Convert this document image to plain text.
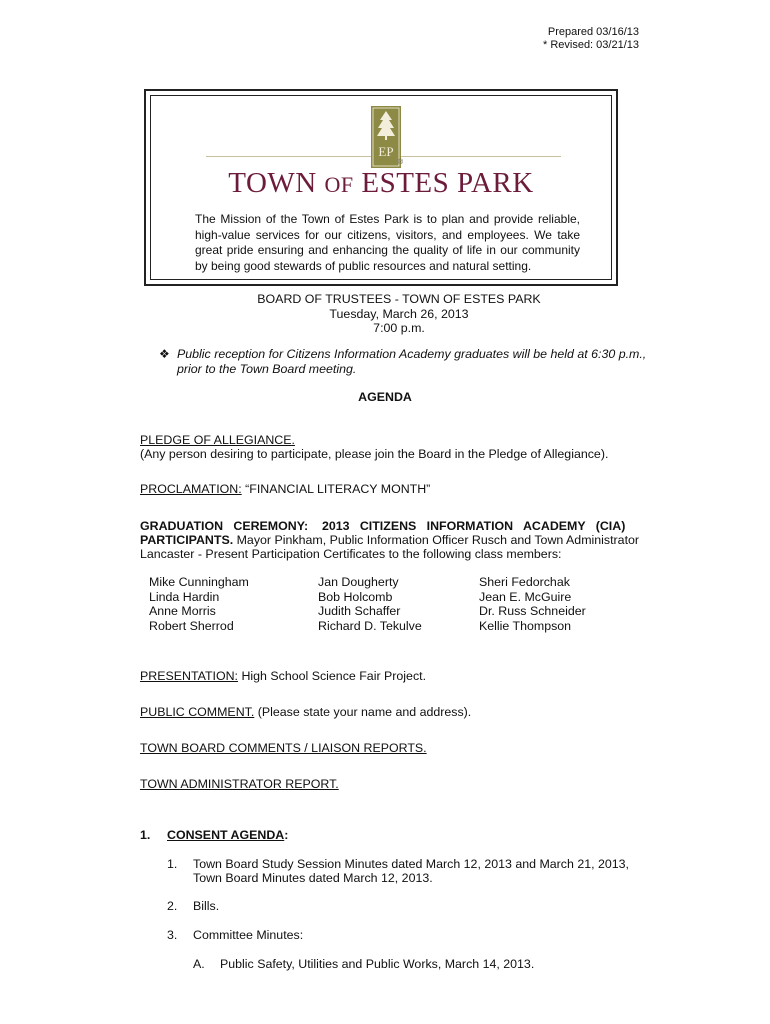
Prepared 03/16/13
* Revised: 03/21/13
EP
®
TOWN OF ESTES PARK
The Mission of the Town of Estes Park is to plan and provide reliable, high-value services for our citizens, visitors, and employees. We take great pride ensuring and enhancing the quality of life in our community by being good stewards of public resources and natural setting.
BOARD OF TRUSTEES - TOWN OF ESTES PARK
Tuesday, March 26, 2013
7:00 p.m.
❖ Public reception for Citizens Information Academy graduates will be held at 6:30 p.m.,
prior to the Town Board meeting.
AGENDA
PLEDGE OF ALLEGIANCE.
(Any person desiring to participate, please join the Board in the Pledge of Allegiance).
PROCLAMATION: “FINANCIAL LITERACY MONTH”
GRADUATION   CEREMONY:    2013   CITIZENS   INFORMATION   ACADEMY   (CIA)
PARTICIPANTS. Mayor Pinkham, Public Information Officer Rusch and Town Administrator
Lancaster - Present Participation Certificates to the following class members:
Mike Cunningham
Linda Hardin
Anne Morris
Robert Sherrod
Jan Dougherty
Bob Holcomb
Judith Schaffer
Richard D. Tekulve
Sheri Fedorchak
Jean E. McGuire
Dr. Russ Schneider
Kellie Thompson
PRESENTATION: High School Science Fair Project.
PUBLIC COMMENT. (Please state your name and address).
TOWN BOARD COMMENTS / LIAISON REPORTS.
TOWN ADMINISTRATOR REPORT.
1. CONSENT AGENDA:
1. Town Board Study Session Minutes dated March 12, 2013 and March 21, 2013,
Town Board Minutes dated March 12, 2013.
2. Bills.
3. Committee Minutes:
A. Public Safety, Utilities and Public Works, March 14, 2013.
